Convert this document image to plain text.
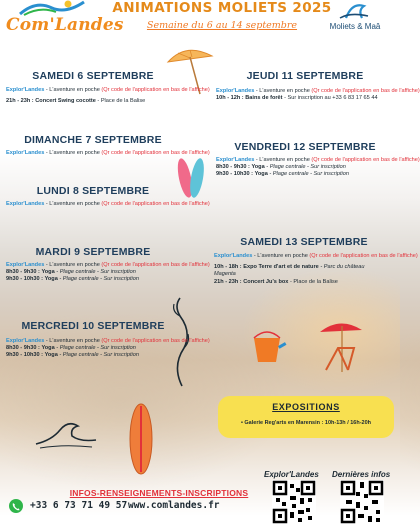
Com'Landes
ANIMATIONS MOLIETS 2025
Semaine du 6 au 14 septembre	Moliets & Maâ
SAMEDI 6 SEPTEMBRE
Explor'Landes - L'aventure en poche (Qr code de l'application en bas de l'affiche)
21h - 23h : Concert Swing cocotte - Place de la Balise
DIMANCHE 7 SEPTEMBRE
Explor'Landes - L'aventure en poche (Qr code de l'application en bas de l'affiche)
LUNDI 8 SEPTEMBRE
Explor'Landes - L'aventure en poche (Qr code de l'application en bas de l'affiche)
MARDI 9 SEPTEMBRE
Explor'Landes - L'aventure en poche (Qr code de l'application en bas de l'affiche)
8h30 - 9h30 : Yoga - Plage centrale - Sur inscription
9h30 - 10h30 : Yoga - Plage centrale - Sur inscription
MERCREDI 10 SEPTEMBRE
Explor'Landes - L'aventure en poche (Qr code de l'application en bas de l'affiche)
8h30 - 9h30 : Yoga - Plage centrale - Sur inscription
9h30 - 10h30 : Yoga - Plage centrale - Sur inscription
JEUDI 11 SEPTEMBRE
Explor'Landes - L'aventure en poche (Qr code de l'application en bas de l'affiche)
10h - 12h : Bains de forêt - Sur inscription au +33 6 83 17 65 44
VENDREDI 12 SEPTEMBRE
Explor'Landes - L'aventure en poche (Qr code de l'application en bas de l'affiche)
8h30 - 9h30 : Yoga - Plage centrale - Sur inscription
9h30 - 10h30 : Yoga - Plage centrale - Sur inscription
SAMEDI 13 SEPTEMBRE
Explor'Landes - L'aventure en poche (Qr code de l'application en bas de l'affiche)
10h - 18h : Expo Terre d'art et de nature - Parc du château
Magenta
21h - 23h : Concert Ju's box - Place de la Balise
EXPOSITIONS
• Galerie Reg'arts en Marensin : 10h-13h / 16h-20h
Explor'Landes Dernières infos
INFOS-RENSEIGNEMENTS-INSCRIPTIONS
+33 6 73 71 49 57 www.comlandes.fr
